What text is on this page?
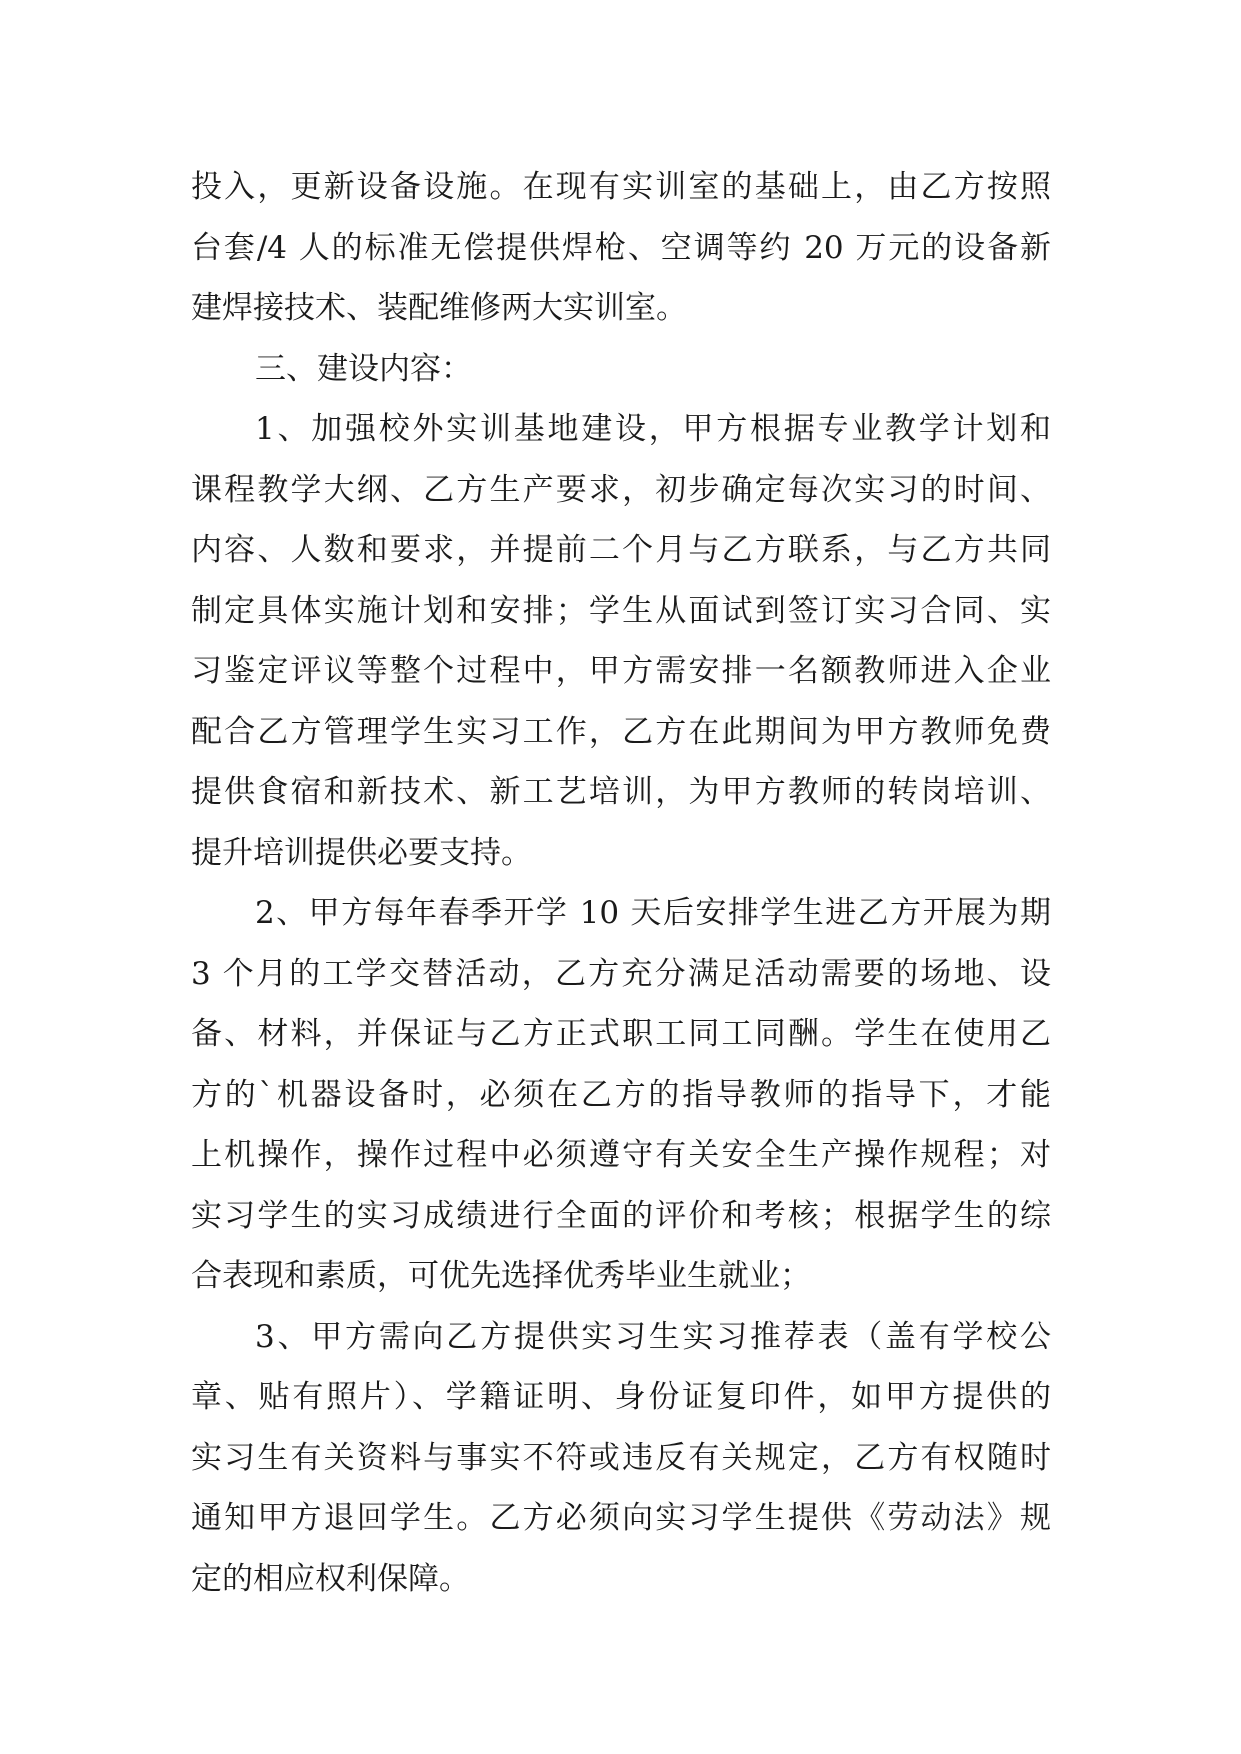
投入，更新设备设施。在现有实训室的基础上，由乙方按照
台套/4 人的标准无偿提供焊枪、空调等约 20 万元的设备新
建焊接技术、装配维修两大实训室。
三、建设内容：
1、加强校外实训基地建设，甲方根据专业教学计划和
课程教学大纲、乙方生产要求，初步确定每次实习的时间、
内容、人数和要求，并提前二个月与乙方联系，与乙方共同
制定具体实施计划和安排；学生从面试到签订实习合同、实
习鉴定评议等整个过程中，甲方需安排一名额教师进入企业
配合乙方管理学生实习工作，乙方在此期间为甲方教师免费
提供食宿和新技术、新工艺培训，为甲方教师的转岗培训、
提升培训提供必要支持。
2、甲方每年春季开学 10 天后安排学生进乙方开展为期
3 个月的工学交替活动，乙方充分满足活动需要的场地、设
备、材料，并保证与乙方正式职工同工同酬。学生在使用乙
方的`机器设备时，必须在乙方的指导教师的指导下，才能
上机操作，操作过程中必须遵守有关安全生产操作规程；对
实习学生的实习成绩进行全面的评价和考核；根据学生的综
合表现和素质，可优先选择优秀毕业生就业；
3、甲方需向乙方提供实习生实习推荐表（盖有学校公
章、贴有照片）、学籍证明、身份证复印件，如甲方提供的
实习生有关资料与事实不符或违反有关规定，乙方有权随时
通知甲方退回学生。乙方必须向实习学生提供《劳动法》规
定的相应权利保障。
